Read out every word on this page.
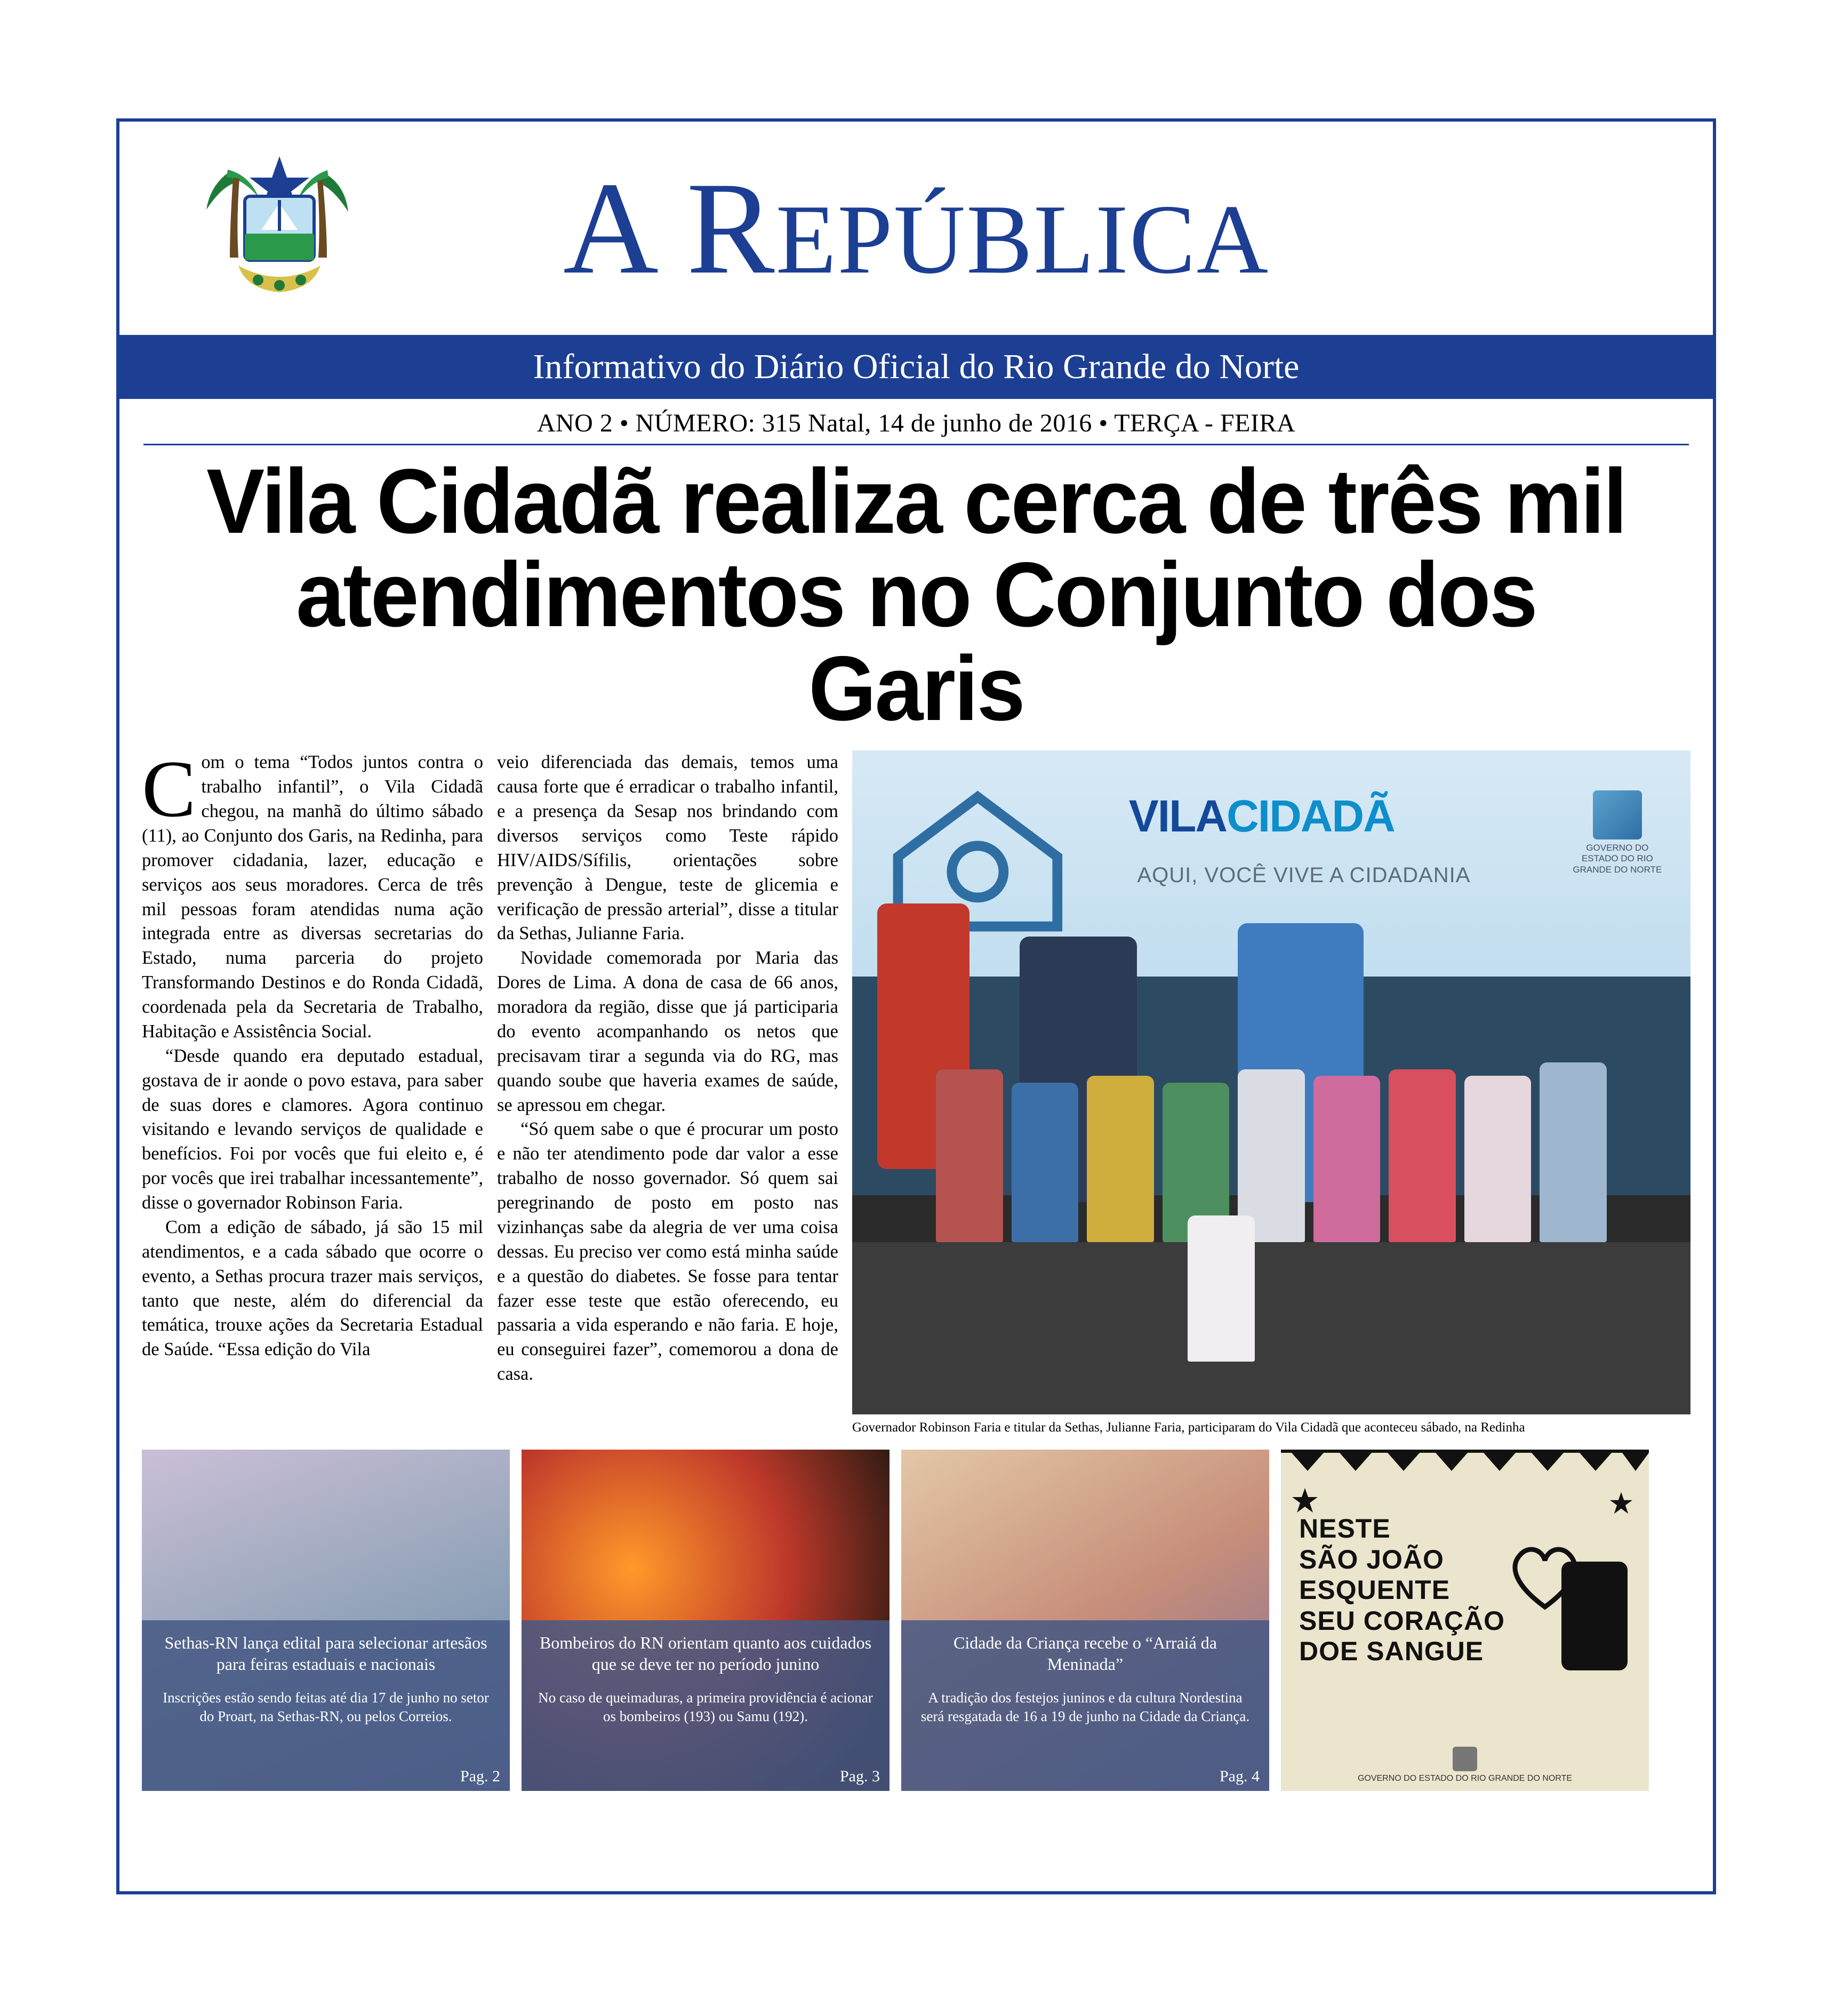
A REPÚBLICA
Informativo do Diário Oficial do Rio Grande do Norte
ANO 2 • NÚMERO: 315 Natal, 14 de junho de 2016 • TERÇA - FEIRA
Vila Cidadã realiza cerca de três mil
atendimentos no Conjunto dos Garis

Com o tema “Todos juntos contra o trabalho infantil”, o Vila Cidadã chegou, na manhã do último sábado (11), ao Conjunto dos Garis, na Redinha, para promover cidadania, lazer, educação e serviços aos seus moradores. Cerca de três mil pessoas foram atendidas numa ação integrada entre as diversas secretarias do Estado, numa parceria do projeto Transformando Destinos e do Ronda Cidadã, coordenada pela da Secretaria de Trabalho, Habitação e Assistência Social.

“Desde quando era deputado estadual, gostava de ir aonde o povo estava, para saber de suas dores e clamores. Agora continuo visitando e levando serviços de qualidade e benefícios. Foi por vocês que fui eleito e, é por vocês que irei trabalhar incessantemente”, disse o governador Robinson Faria.

Com a edição de sábado, já são 15 mil atendimentos, e a cada sábado que ocorre o evento, a Sethas procura trazer mais serviços, tanto que neste, além do diferencial da temática, trouxe ações da Secretaria Estadual de Saúde. “Essa edição do Vila

veio diferenciada das demais, temos uma causa forte que é erradicar o trabalho infantil, e a presença da Sesap nos brindando com diversos serviços como Teste rápido HIV/AIDS/Sífilis, orientações sobre prevenção à Dengue, teste de glicemia e verificação de pressão arterial”, disse a titular da Sethas, Julianne Faria.

Novidade comemorada por Maria das Dores de Lima. A dona de casa de 66 anos, moradora da região, disse que já participaria do evento acompanhando os netos que precisavam tirar a segunda via do RG, mas quando soube que haveria exames de saúde, se apressou em chegar.

“Só quem sabe o que é procurar um posto e não ter atendimento pode dar valor a esse trabalho de nosso governador. Só quem sai peregrinando de posto em posto nas vizinhanças sabe da alegria de ver uma coisa dessas. Eu preciso ver como está minha saúde e a questão do diabetes. Se fosse para tentar fazer esse teste que estão oferecendo, eu passaria a vida esperando e não faria. E hoje, eu conseguirei fazer”, comemorou a dona de casa.

VILACIDADÃ
AQUI, VOCÊ VIVE A CIDADANIA
GOVERNO DO ESTADO DO RIO GRANDE DO NORTE
Governador Robinson Faria e titular da Sethas, Julianne Faria, participaram do Vila Cidadã que aconteceu sábado, na Redinha
Sethas-RN lança edital para selecionar artesãos para feiras estaduais e nacionais
Inscrições estão sendo feitas até dia 17 de junho no setor do Proart, na Sethas-RN, ou pelos Correios.
Pag. 2
Bombeiros do RN orientam quanto aos cuidados que se deve ter no período junino
No caso de queimaduras, a primeira providência é acionar os bombeiros (193) ou Samu (192).
Pag. 3
Cidade da Criança recebe o “Arraiá da Meninada”
A tradição dos festejos juninos e da cultura Nordestina será resgatada de 16 a 19 de junho na Cidade da Criança.
Pag. 4
NESTE
SÃO JOÃO
ESQUENTE
SEU CORAÇÃO
DOE SANGUE
GOVERNO DO ESTADO DO RIO GRANDE DO NORTE
